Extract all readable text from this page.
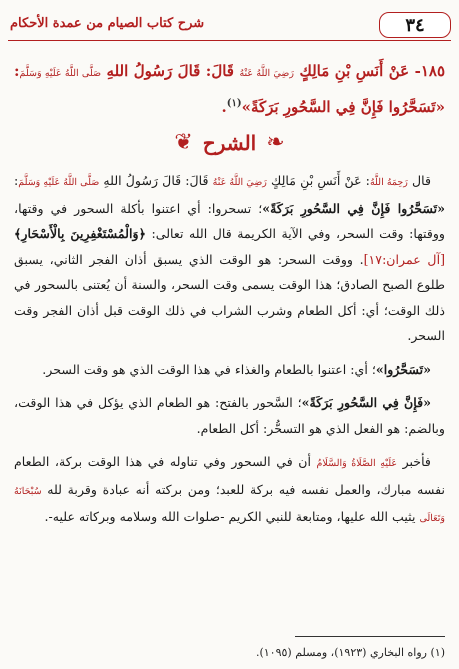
٣٤
شرح كتاب الصيام من عمدة الأحكام
١٨٥- عَنْ أَنَسِ بْنِ مَالِكٍ رَضِيَ اللَّهُ عَنْهُ قَالَ: قَالَ رَسُولُ اللهِ صَلَّى اللَّهُ عَلَيْهِ وَسَلَّمَ: «تَسَحَّرُوا فَإِنَّ فِي السَّحُورِ بَرَكَةً»$^{(١)}$.
❧
الشرح
❦

قال رَحِمَهُ اللَّهُ: عَنْ أَنَسِ بْنِ مَالِكٍ رَضِيَ اللَّهُ عَنْهُ قَالَ: قَالَ رَسُولُ اللهِ صَلَّى اللَّهُ عَلَيْهِ وَسَلَّمَ: «تَسَحَّرُوا فَإِنَّ فِي السَّحُورِ بَرَكَةً»؛ تسحروا: أي اعتنوا بأكلة السحور في وقتها، ووقتها: وقت السحر، وفي الآية الكريمة قال الله تعالى: ﴿وَالْمُسْتَغْفِرِينَ بِالْأَسْحَارِ﴾ [آل عمران:١٧]. ووقت السحر: هو الوقت الذي يسبق أذان الفجر الثاني، يسبق طلوع الصبح الصادق؛ هذا الوقت يسمى وقت السحر، والسنة أن يُعتنى بالسحور في ذلك الوقت؛ أي: أكل الطعام وشرب الشراب في ذلك الوقت قبل أذان الفجر وقت السحر.

«تَسَحَّرُوا»؛ أي: اعتنوا بالطعام والغذاء في هذا الوقت الذي هو وقت السحر.

«فَإِنَّ فِي السَّحُورِ بَرَكَةً»؛ السَّحور بالفتح: هو الطعام الذي يؤكل في هذا الوقت، وبالضم: هو الفعل الذي هو التسحُّر: أكل الطعام.

فأخبر عَلَيْهِ الصَّلَاةُ وَالسَّلَامُ أن في السحور وفي تناوله في هذا الوقت بركة، الطعام نفسه مبارك، والعمل نفسه فيه بركة للعبد؛ ومن بركته أنه عبادة وقربة لله سُبْحَانَهُ وَتَعَالَى يثيب الله عليها، ومتابعة للنبي الكريم -صلوات الله وسلامه وبركاته عليه-.

(١) رواه البخاري (١٩٢٣)، ومسلم (١٠٩٥).
